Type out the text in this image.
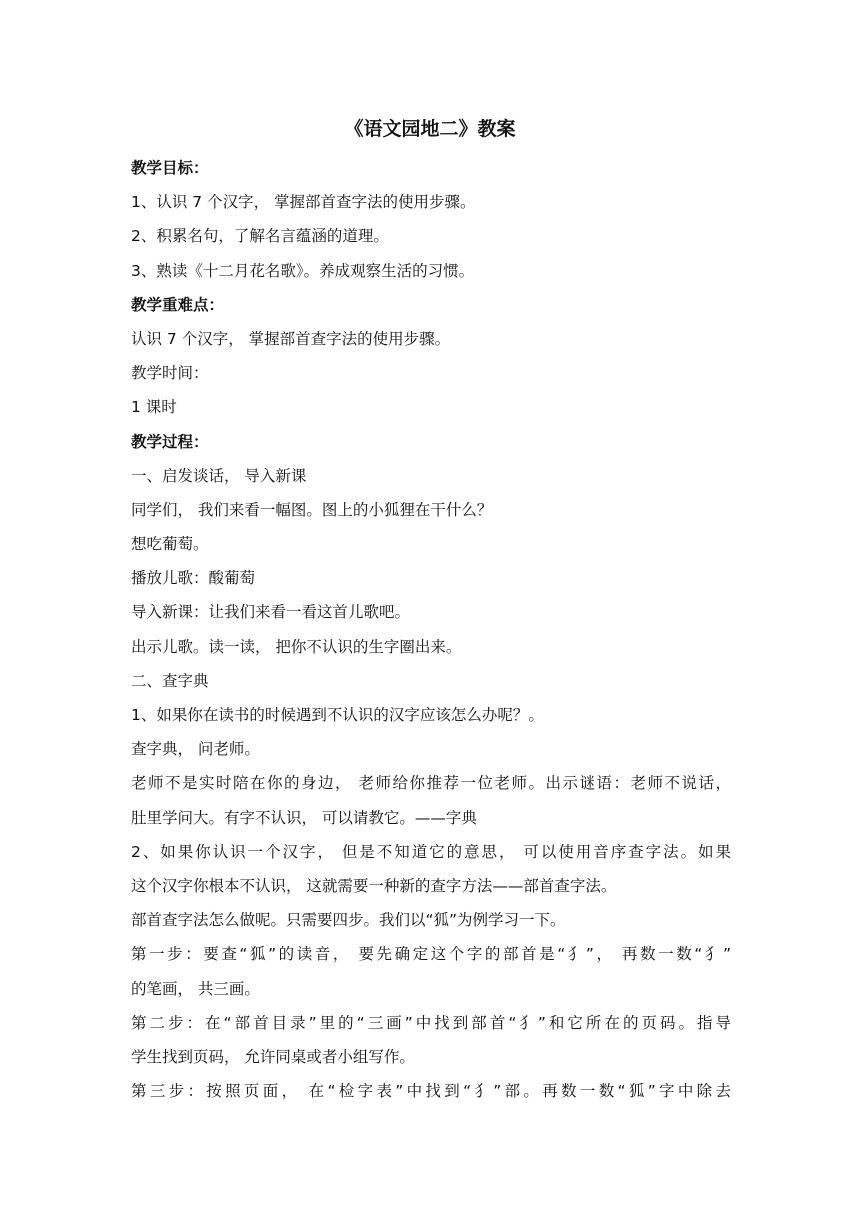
《语文园地二》教案
教学目标：
1、认识 7 个汉字， 掌握部首查字法的使用步骤。
2、积累名句，了解名言蕴涵的道理。
3、熟读《十二月花名歌》。养成观察生活的习惯。
教学重难点：
认识 7 个汉字， 掌握部首查字法的使用步骤。
教学时间：
1 课时
教学过程：
一、启发谈话， 导入新课
同学们， 我们来看一幅图。图上的小狐狸在干什么？
想吃葡萄。
播放儿歌：酸葡萄
导入新课：让我们来看一看这首儿歌吧。
出示儿歌。读一读， 把你不认识的生字圈出来。
二、查字典
1、如果你在读书的时候遇到不认识的汉字应该怎么办呢？。
查字典， 问老师。
老师不是实时陪在你的身边， 老师给你推荐一位老师。出示谜语：老师不说话，
肚里学问大。有字不认识， 可以请教它。——字典
2、如果你认识一个汉字， 但是不知道它的意思， 可以使用音序查字法。如果
这个汉字你根本不认识， 这就需要一种新的查字方法——部首查字法。
部首查字法怎么做呢。只需要四步。我们以“狐”为例学习一下。
第一步：要查“狐”的读音， 要先确定这个字的部首是“犭”， 再数一数“犭”
的笔画， 共三画。
第二步：在“部首目录”里的“三画”中找到部首“犭”和它所在的页码。指导
学生找到页码， 允许同桌或者小组写作。
第三步：按照页面， 在“检字表”中找到“犭”部。再数一数“狐”字中除去
